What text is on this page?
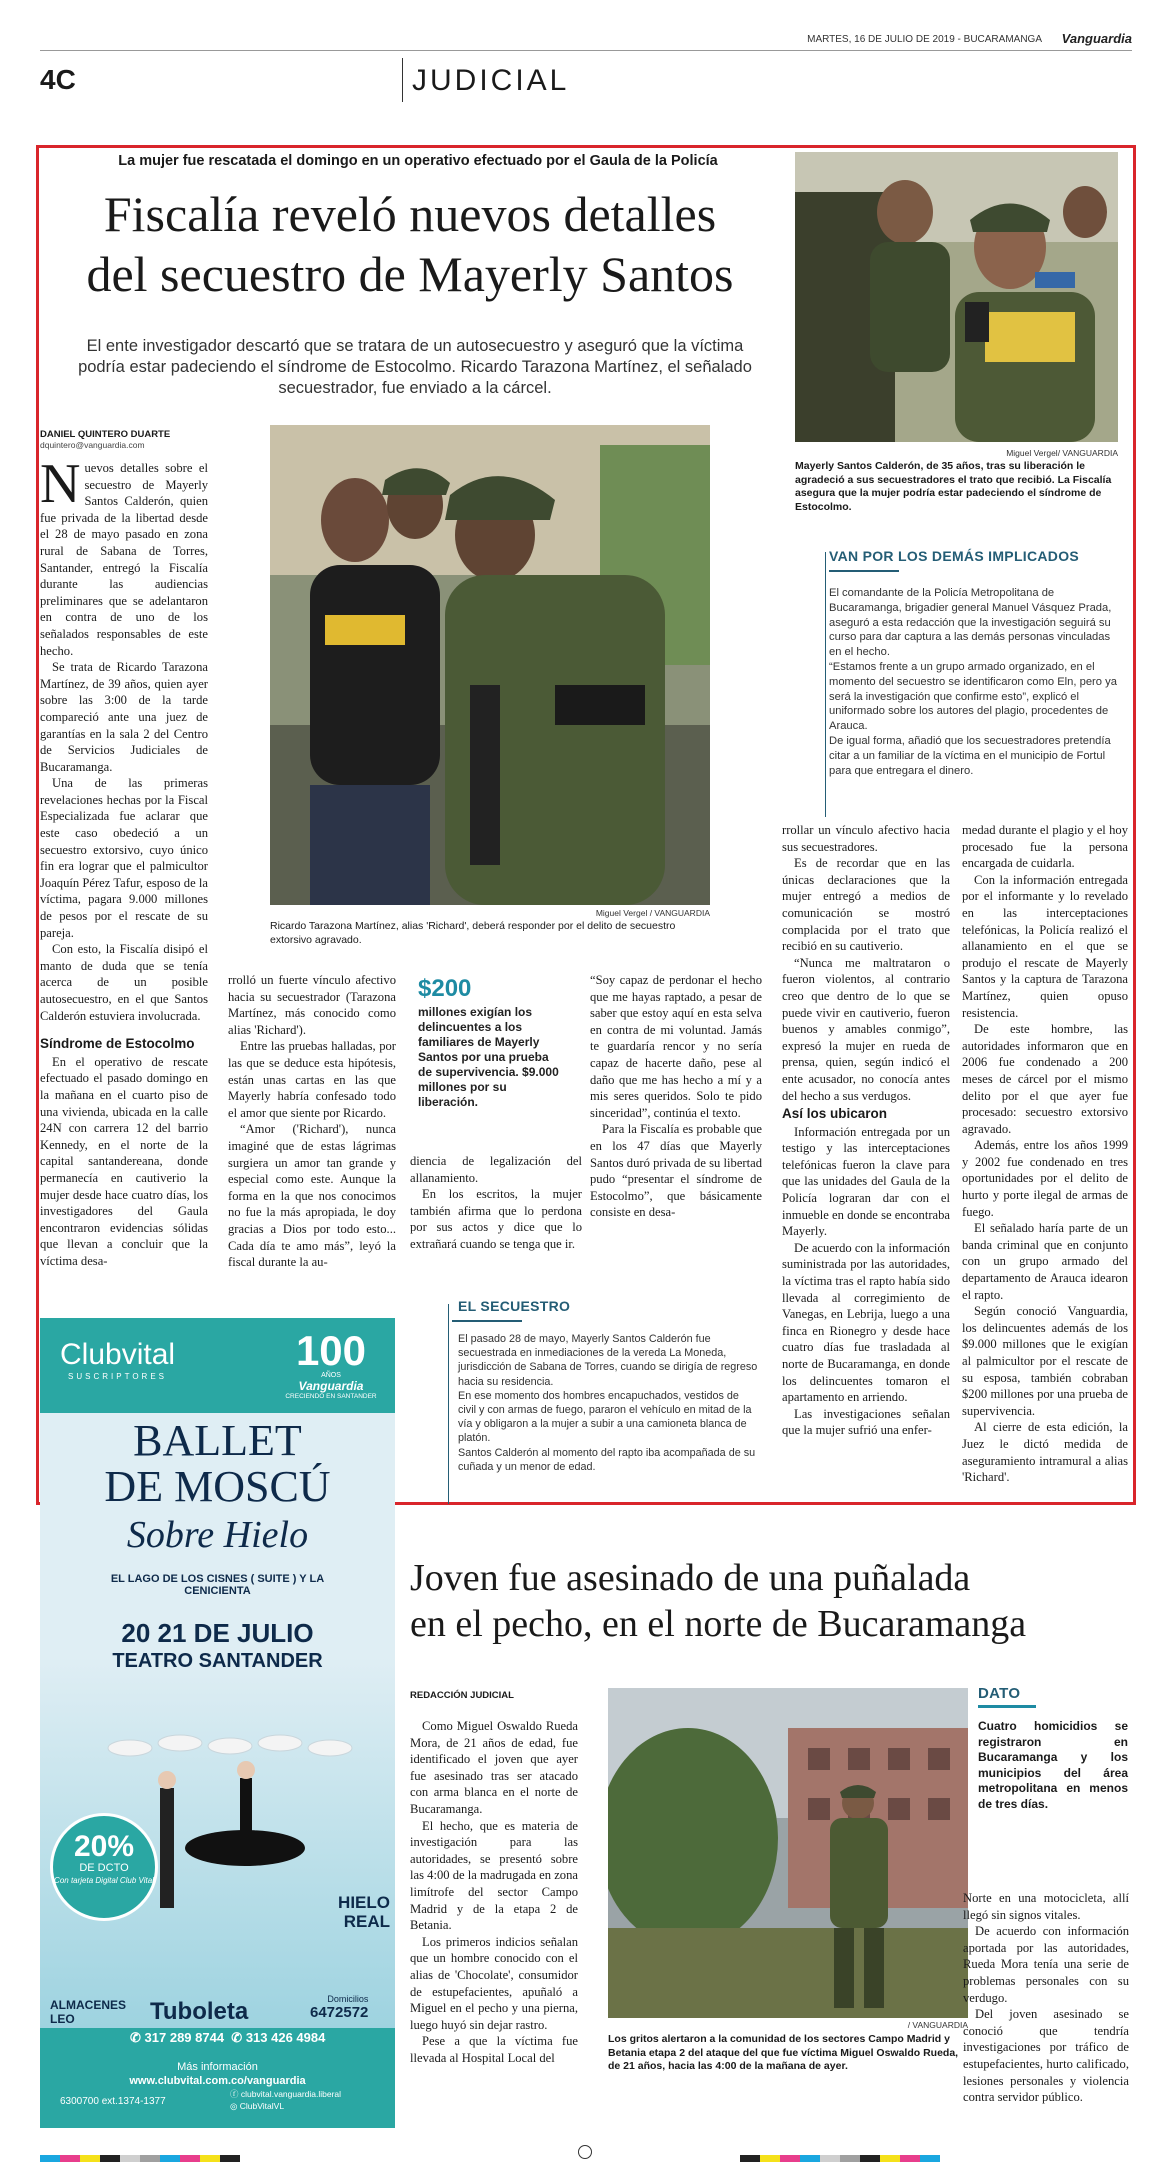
MARTES, 16 DE JULIO DE 2019 - BUCARAMANGA Vanguardia
4C	JUDICIAL
La mujer fue rescatada el domingo en un operativo efectuado por el Gaula de la Policía
Fiscalía reveló nuevos detalles
del secuestro de Mayerly Santos
El ente investigador descartó que se tratara de un autosecuestro y aseguró que la víctima podría estar padeciendo el síndrome de Estocolmo. Ricardo Tarazona Martínez, el señalado secuestrador, fue enviado a la cárcel.
DANIEL QUINTERO DUARTE
dquintero@vanguardia.com
N uevos detalles sobre el secuestro de Mayerly Santos Calderón, quien fue privada de la libertad desde el 28 de mayo pasado en zona rural de Sabana de Torres, Santander, entregó la Fiscalía durante las audiencias preliminares que se adelantaron en contra de uno de los señalados responsables de este hecho.

Se trata de Ricardo Tarazona Martínez, de 39 años, quien ayer sobre las 3:00 de la tarde compareció ante una juez de garantías en la sala 2 del Centro de Servicios Judiciales de Bucaramanga.

Una de las primeras revelaciones hechas por la Fiscal Especializada fue aclarar que este caso obedeció a un secuestro extorsivo, cuyo único fin era lograr que el palmicultor Joaquín Pérez Tafur, esposo de la víctima, pagara 9.000 millones de pesos por el rescate de su pareja.

Con esto, la Fiscalía disipó el manto de duda que se tenía acerca de un posible autosecuestro, en el que Santos Calderón estuviera involucrada.

Síndrome de Estocolmo

En el operativo de rescate efectuado el pasado domingo en la mañana en el cuarto piso de una vivienda, ubicada en la calle 24N con carrera 12 del barrio Kennedy, en el norte de la capital santandereana, donde permanecía en cautiverio la mujer desde hace cuatro días, los investigadores del Gaula encontraron evidencias sólidas que llevan a concluir que la víctima desa-

Miguel Vergel / VANGUARDIA
Ricardo Tarazona Martínez, alias 'Richard', deberá responder por el delito de secuestro extorsivo agravado.
Miguel Vergel/ VANGUARDIA
Mayerly Santos Calderón, de 35 años, tras su liberación le agradeció a sus secuestradores el trato que recibió. La Fiscalía asegura que la mujer podría estar padeciendo el síndrome de Estocolmo.
VAN POR LOS DEMÁS IMPLICADOS

El comandante de la Policía Metropolitana de Bucaramanga, brigadier general Manuel Vásquez Prada, aseguró a esta redacción que la investigación seguirá su curso para dar captura a las demás personas vinculadas en el hecho.

“Estamos frente a un grupo armado organizado, en el momento del secuestro se identificaron como Eln, pero ya será la investigación que confirme esto”, explicó el uniformado sobre los autores del plagio, procedentes de Arauca.

De igual forma, añadió que los secuestradores pretendía citar a un familiar de la víctima en el municipio de Fortul para que entregara el dinero.

rrolló un fuerte vínculo afectivo hacia su secuestrador (Tarazona Martínez, más conocido como alias 'Richard').

Entre las pruebas halladas, por las que se deduce esta hipótesis, están unas cartas en las que Mayerly habría confesado todo el amor que siente por Ricardo.

“Amor ('Richard'), nunca imaginé que de estas lágrimas surgiera un amor tan grande y especial como este. Aunque la forma en la que nos conocimos no fue la más apropiada, le doy gracias a Dios por todo esto... Cada día te amo más”, leyó la fiscal durante la au-

$200
millones exigían los delincuentes a los familiares de Mayerly Santos por una prueba de supervivencia. $9.000 millones por su liberación.

diencia de legalización del allanamiento.

En los escritos, la mujer también afirma que lo perdona por sus actos y dice que lo extrañará cuando se tenga que ir.

“Soy capaz de perdonar el hecho que me hayas raptado, a pesar de saber que estoy aquí en esta selva en contra de mi voluntad. Jamás te guardaría rencor y no sería capaz de hacerte daño, pese al daño que me has hecho a mí y a mis seres queridos. Solo te pido sinceridad”, continúa el texto.

Para la Fiscalía es probable que en los 47 días que Mayerly Santos duró privada de su libertad pudo “presentar el síndrome de Estocolmo”, que básicamente consiste en desa-

EL SECUESTRO

El pasado 28 de mayo, Mayerly Santos Calderón fue secuestrada en inmediaciones de la vereda La Moneda, jurisdicción de Sabana de Torres, cuando se dirigía de regreso hacia su residencia.

En ese momento dos hombres encapuchados, vestidos de civil y con armas de fuego, pararon el vehículo en mitad de la vía y obligaron a la mujer a subir a una camioneta blanca de platón.

Santos Calderón al momento del rapto iba acompañada de su cuñada y un menor de edad.

rrollar un vínculo afectivo hacia sus secuestradores.

Es de recordar que en las únicas declaraciones que la mujer entregó a medios de comunicación se mostró complacida por el trato que recibió en su cautiverio.

“Nunca me maltrataron o fueron violentos, al contrario creo que dentro de lo que se puede vivir en cautiverio, fueron buenos y amables conmigo”, expresó la mujer en rueda de prensa, quien, según indicó el ente acusador, no conocía antes del hecho a sus verdugos.

Así los ubicaron

Información entregada por un testigo y las interceptaciones telefónicas fueron la clave para que las unidades del Gaula de la Policía lograran dar con el inmueble en donde se encontraba Mayerly.

De acuerdo con la información suministrada por las autoridades, la víctima tras el rapto había sido llevada al corregimiento de Vanegas, en Lebrija, luego a una finca en Rionegro y desde hace cuatro días fue trasladada al norte de Bucaramanga, en donde los delincuentes tomaron el apartamento en arriendo.

Las investigaciones señalan que la mujer sufrió una enfer-

medad durante el plagio y el hoy procesado fue la persona encargada de cuidarla.

Con la información entregada por el informante y lo revelado en las interceptaciones telefónicas, la Policía realizó el allanamiento en el que se produjo el rescate de Mayerly Santos y la captura de Tarazona Martínez, quien opuso resistencia.

De este hombre, las autoridades informaron que en 2006 fue condenado a 200 meses de cárcel por el mismo delito por el que ayer fue procesado: secuestro extorsivo agravado.

Además, entre los años 1999 y 2002 fue condenado en tres oportunidades por el delito de hurto y porte ilegal de armas de fuego.

El señalado haría parte de un banda criminal que en conjunto con un grupo armado del departamento de Arauca idearon el rapto.

Según conoció Vanguardia, los delincuentes además de los $9.000 millones que le exigían al palmicultor por el rescate de su esposa, también cobraban $200 millones por una prueba de supervivencia.

Al cierre de esta edición, la Juez le dictó medida de aseguramiento intramural a alias 'Richard'.

Clubvital
SUSCRIPTORES
100
AÑOS
Vanguardia
CRECIENDO EN SANTANDER
BALLET
DE MOSCÚ
Sobre Hielo
EL LAGO DE LOS CISNES ( SUITE ) Y LA CENICIENTA
20 21 DE JULIO
TEATRO SANTANDER
20%
DE DCTO
Con tarjeta Digital Club Vital
HIELO REAL
ALMACENES LEO	Tuboleta	Domicilios
6472572
✆ 317 289 8744 ✆ 313 426 4984
Más información
www.clubvital.com.co/vanguardia
6300700 ext.1374-1377
ⓕ clubvital.vanguardia.liberal
◎ ClubVitalVL
Joven fue asesinado de una puñalada
en el pecho, en el norte de Bucaramanga
REDACCIÓN JUDICIAL

Como Miguel Oswaldo Rueda Mora, de 21 años de edad, fue identificado el joven que ayer fue asesinado tras ser atacado con arma blanca en el norte de Bucaramanga.

El hecho, que es materia de investigación para las autoridades, se presentó sobre las 4:00 de la madrugada en zona limítrofe del sector Campo Madrid y de la etapa 2 de Betania.

Los primeros indicios señalan que un hombre conocido con el alias de 'Chocolate', consumidor de estupefacientes, apuñaló a Miguel en el pecho y una pierna, luego huyó sin dejar rastro.

Pese a que la víctima fue llevada al Hospital Local del

/ VANGUARDIA
Los gritos alertaron a la comunidad de los sectores Campo Madrid y Betania etapa 2 del ataque del que fue víctima Miguel Oswaldo Rueda, de 21 años, hacia las 4:00 de la mañana de ayer.
DATO
Cuatro homicidios se registraron en Bucaramanga y los municipios del área metropolitana en menos de tres días.

Norte en una motocicleta, allí llegó sin signos vitales.

De acuerdo con información aportada por las autoridades, Rueda Mora tenía una serie de problemas personales con su verdugo.

Del joven asesinado se conoció que tendría investigaciones por tráfico de estupefacientes, hurto calificado, lesiones personales y violencia contra servidor público.
